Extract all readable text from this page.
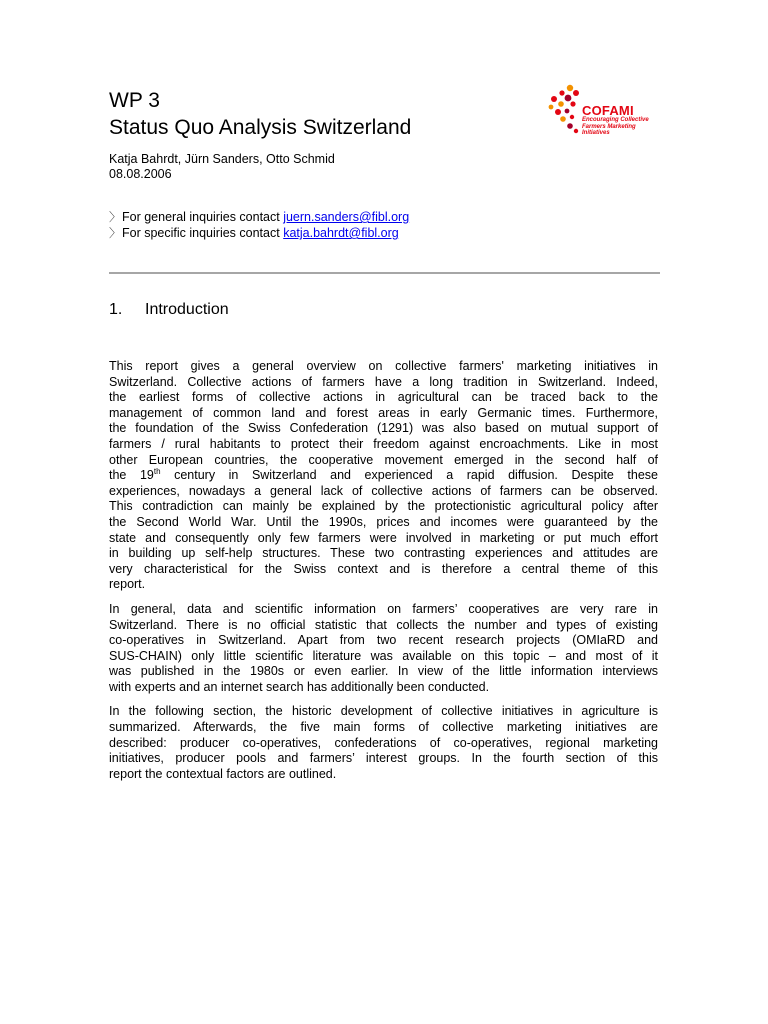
WP 3

Status Quo Analysis Switzerland

COFAMI
Encouraging Collective
Farmers Marketing Initiatives
Katja Bahrdt, Jürn Sanders, Otto Schmid
08.08.2006
〉For general inquiries contact juern.sanders@fibl.org
〉For specific inquiries contact katja.bahrdt@fibl.org
1. Introduction
This report gives a general overview on collective farmers' marketing initiatives in
Switzerland. Collective actions of farmers have a long tradition in Switzerland. Indeed,
the earliest forms of collective actions in agricultural can be traced back to the
management of common land and forest areas in early Germanic times. Furthermore,
the foundation of the Swiss Confederation (1291) was also based on mutual support of
farmers / rural habitants to protect their freedom against encroachments. Like in most
other European countries, the cooperative movement emerged in the second half of
the 19th century in Switzerland and experienced a rapid diffusion. Despite these
experiences, nowadays a general lack of collective actions of farmers can be observed.
This contradiction can mainly be explained by the protectionistic agricultural policy after
the Second World War. Until the 1990s, prices and incomes were guaranteed by the
state and consequently only few farmers were involved in marketing or put much effort
in building up self-help structures. These two contrasting experiences and attitudes are
very characteristical for the Swiss context and is therefore a central theme of this
report.
In general, data and scientific information on farmers’ cooperatives are very rare in
Switzerland. There is no official statistic that collects the number and types of existing
co-operatives in Switzerland. Apart from two recent research projects (OMIaRD and
SUS-CHAIN) only little scientific literature was available on this topic – and most of it
was published in the 1980s or even earlier. In view of the little information interviews
with experts and an internet search has additionally been conducted.
In the following section, the historic development of collective initiatives in agriculture is
summarized. Afterwards, the five main forms of collective marketing initiatives are
described: producer co-operatives, confederations of co-operatives, regional marketing
initiatives, producer pools and farmers’ interest groups. In the fourth section of this
report the contextual factors are outlined.
